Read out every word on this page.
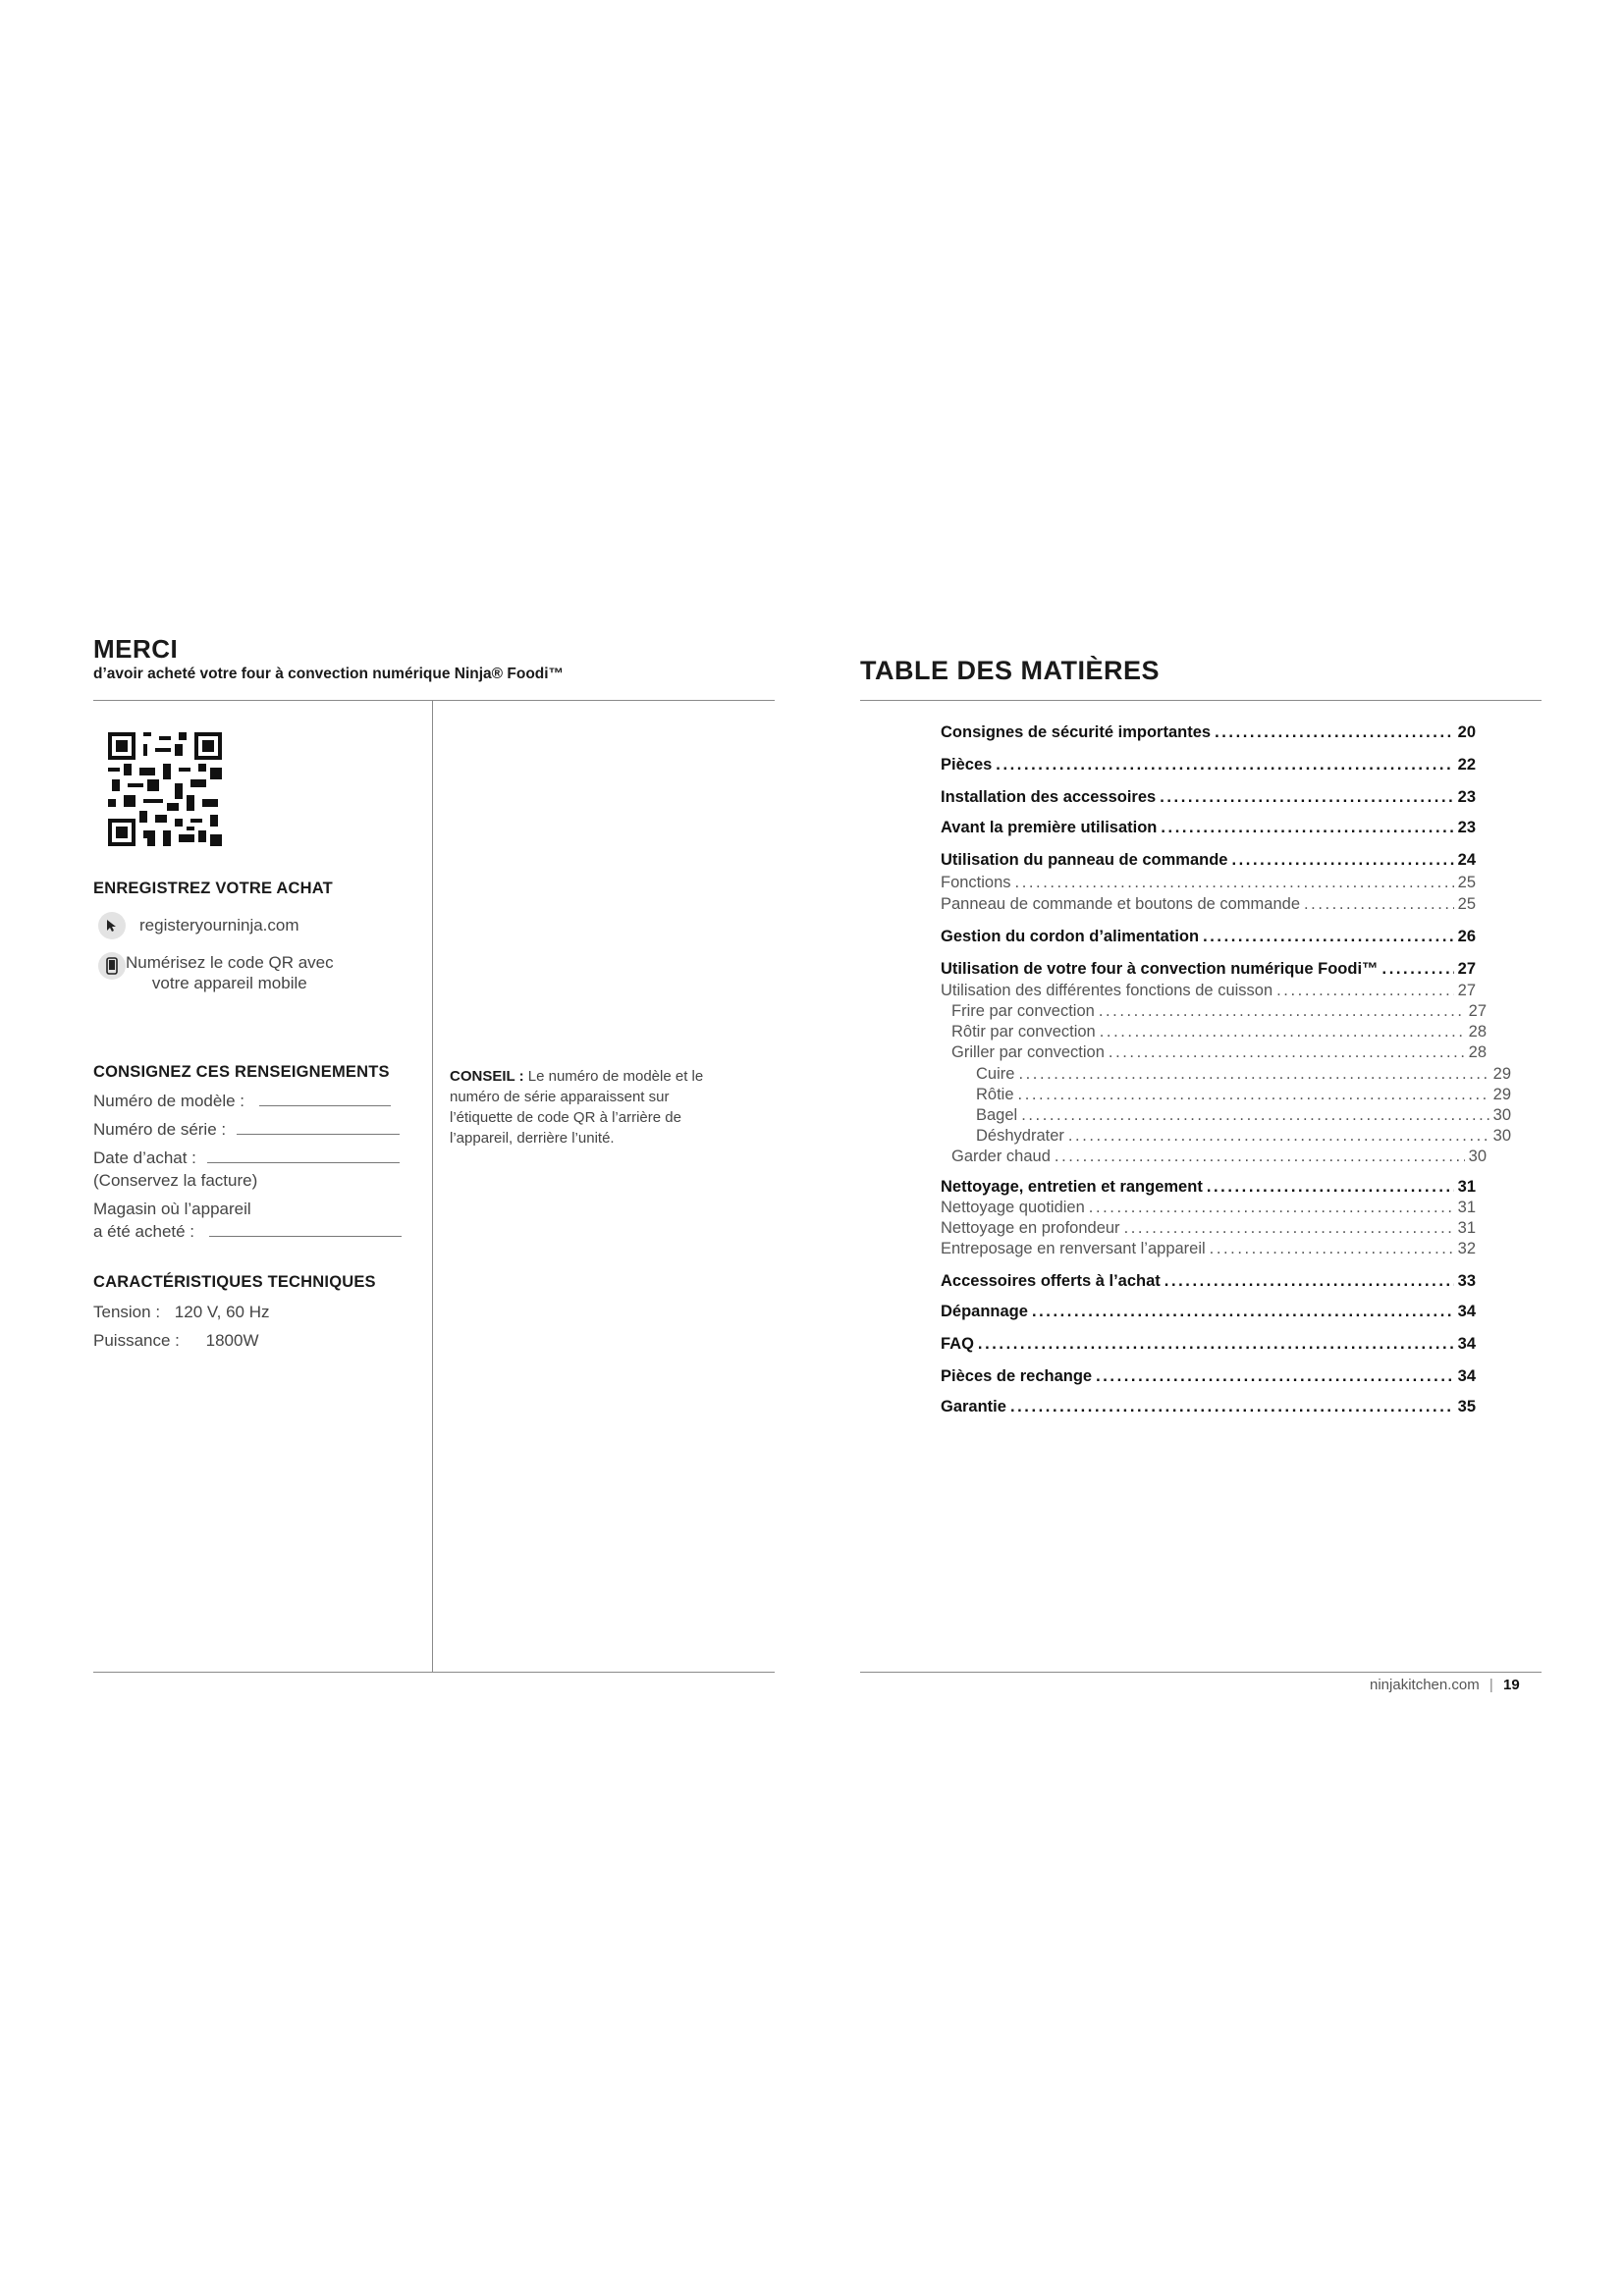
MERCI
d’avoir acheté votre four à convection numérique Ninja® Foodi™
ENREGISTREZ VOTRE ACHAT
registeryourninja.com
Numérisez le code QR avec
votre appareil mobile
CONSIGNEZ CES RENSEIGNEMENTS
Numéro de modèle :
Numéro de série :
Date d’achat :
(Conservez la facture)
Magasin où l’appareil
a été acheté :
CARACTÉRISTIQUES TECHNIQUES
Tension : 120 V, 60 Hz
Puissance : 1800W
CONSEIL : Le numéro de modèle et le numéro de série apparaissent sur l’étiquette de code QR à l’arrière de l’appareil, derrière l’unité.
TABLE DES MATIÈRES
Consignes de sécurité importantes . . .	20
Pièces . . .	22
Installation des accessoires . . .	23
Avant la première utilisation . . .	23
Utilisation du panneau de commande . . .	24
Fonctions . . .	25
Panneau de commande et boutons de commande . . .	25
Gestion du cordon d’alimentation . . .	26
Utilisation de votre four à convection numérique Foodi™ . . .	27
Utilisation des différentes fonctions de cuisson . . .	27
Frire par convection . . .	27
Rôtir par convection . . .	28
Griller par convection . . .	28
Cuire . . .	29
Rôtie . . .	29
Bagel . . .	30
Déshydrater . . .	30
Garder chaud . . .	30
Nettoyage, entretien et rangement . . .	31
Nettoyage quotidien . . .	31
Nettoyage en profondeur . . .	31
Entreposage en renversant l’appareil . . .	32
Accessoires offerts à l’achat . . .	33
Dépannage . . .	34
FAQ . . .	34
Pièces de rechange . . .	34
Garantie . . .	35
ninjakitchen.com | 19
